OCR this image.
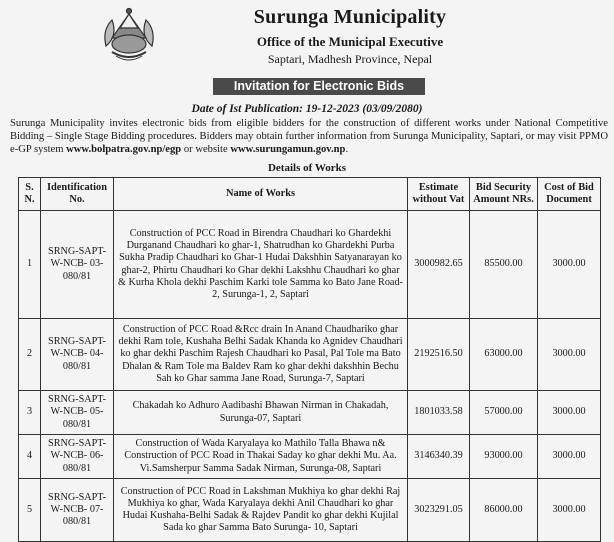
Surunga Municipality
Office of the Municipal Executive
Saptari, Madhesh Province, Nepal
Invitation for Electronic Bids
Date of Ist Publication: 19-12-2023 (03/09/2080)
Surunga Municipality invites electronic bids from eligible bidders for the construction of different works under National Competitive Bidding – Single Stage Bidding procedures. Bidders may obtain further information from Surunga Municipality, Saptari, or may visit PPMO e-GP system www.bolpatra.gov.np/egp or website www.surungamun.gov.np.
Details of Works
S. N.	Identification No.	Name of Works	Estimate without Vat	Bid Security Amount NRs.	Cost of Bid Document
1	SRNG-SAPT-W-NCB- 03-080/81	Construction of PCC Road in Birendra Chaudhari ko Ghardekhi Durganand Chaudhari ko ghar-1, Shatrudhan ko Ghardekhi Purba Sukha Pradip Chaudhari ko Ghar-1 Hudai Dakshhin Satyanarayan ko ghar-2, Phirtu Chaudhari ko Ghar dekhi Lakshhu Chaudhari ko ghar & Kurha Khola dekhi Paschim Karki tole Samma ko Bato Jane Road-2, Surunga-1, 2, Saptari	3000982.65	85500.00	3000.00
2	SRNG-SAPT-W-NCB- 04-080/81	Construction of PCC Road &Rcc drain In Anand Chaudhariko ghar dekhi Ram tole, Kushaha Belhi Sadak Khanda ko Agnidev Chaudhari ko ghar dekhi Paschim Rajesh Chaudhari ko Pasal, Pal Tole ma Bato Dhalan & Ram Tole ma Baldev Ram ko ghar dekhi dakshhin Bechu Sah ko Ghar samma Jane Road, Surunga-7, Saptari	2192516.50	63000.00	3000.00
3	SRNG-SAPT-W-NCB- 05-080/81	Chakadah ko Adhuro Aadibashi Bhawan Nirman in Chakadah, Surunga-07, Saptari	1801033.58	57000.00	3000.00
4	SRNG-SAPT-W-NCB- 06-080/81	Construction of Wada Karyalaya ko Mathilo Talla Bhawa n& Construction of PCC Road in Thakai Saday ko ghar dekhi Mu. Aa. Vi.Samsherpur Samma Sadak Nirman, Surunga-08, Saptari	3146340.39	93000.00	3000.00
5	SRNG-SAPT-W-NCB- 07-080/81	Construction of PCC Road in Lakshman Mukhiya ko ghar dekhi Raj Mukhiya ko ghar, Wada Karyalaya dekhi Anil Chaudhari ko ghar Hudai Kushaha-Belhi Sadak & Rajdev Pandit ko ghar dekhi Kujilal Sada ko ghar Samma Bato Surunga- 10, Saptari	3023291.05	86000.00	3000.00
